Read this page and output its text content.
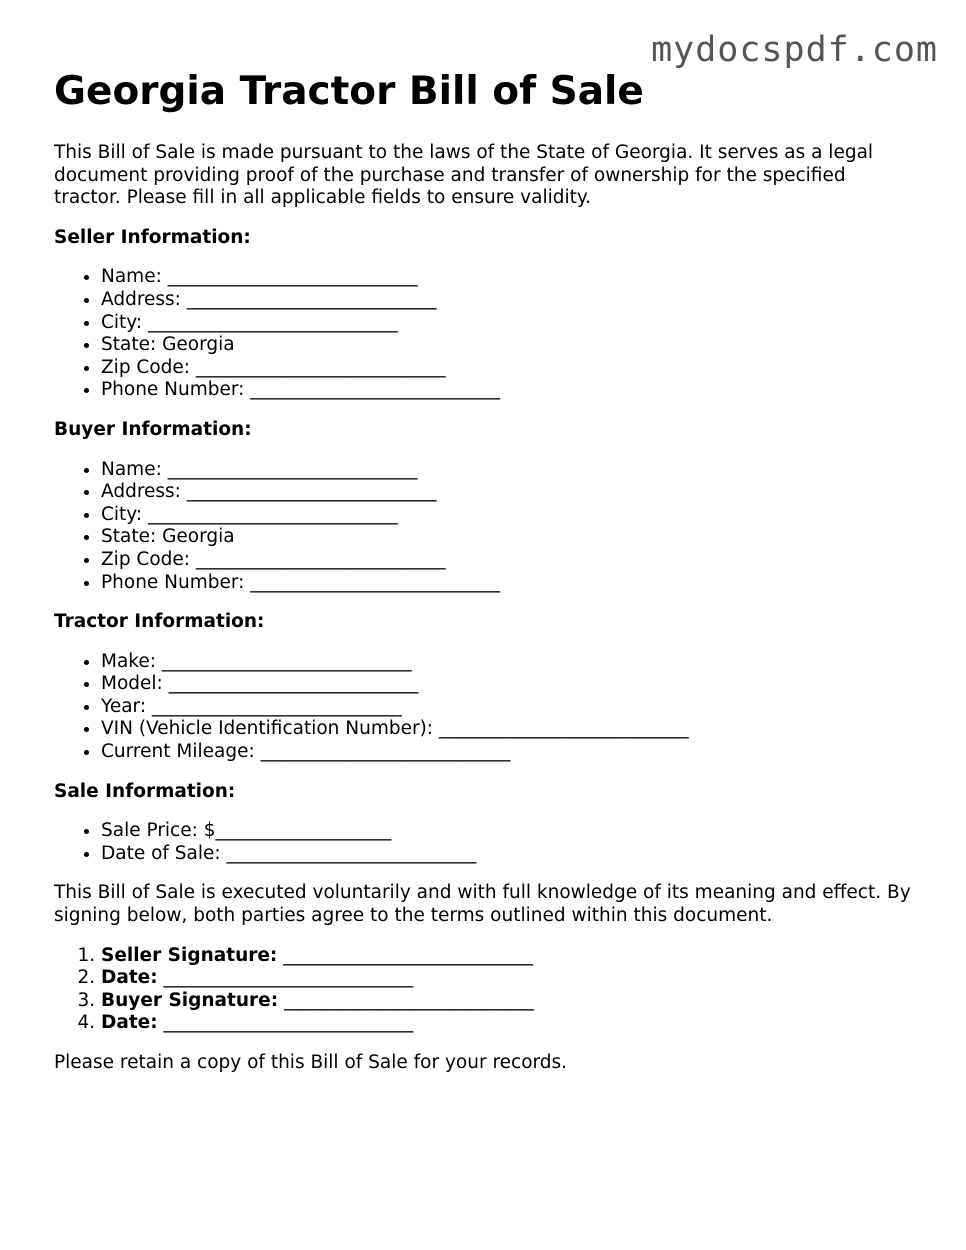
mydocspdf.com
Georgia Tractor Bill of Sale

This Bill of Sale is made pursuant to the laws of the State of Georgia. It serves as a legal document providing proof of the purchase and transfer of ownership for the specified tractor. Please fill in all applicable fields to ensure validity.

Seller Information:

• Name: ___________________________
• Address: ___________________________
• City: ___________________________
• State: Georgia
• Zip Code: ___________________________
• Phone Number: ___________________________

Buyer Information:

• Name: ___________________________
• Address: ___________________________
• City: ___________________________
• State: Georgia
• Zip Code: ___________________________
• Phone Number: ___________________________

Tractor Information:

• Make: ___________________________
• Model: ___________________________
• Year: ___________________________
• VIN (Vehicle Identification Number): ___________________________
• Current Mileage: ___________________________

Sale Information:

• Sale Price: $___________________
• Date of Sale: ___________________________

This Bill of Sale is executed voluntarily and with full knowledge of its meaning and effect. By signing below, both parties agree to the terms outlined within this document.

1. Seller Signature: ___________________________
2. Date: ___________________________
3. Buyer Signature: ___________________________
4. Date: ___________________________

Please retain a copy of this Bill of Sale for your records.
